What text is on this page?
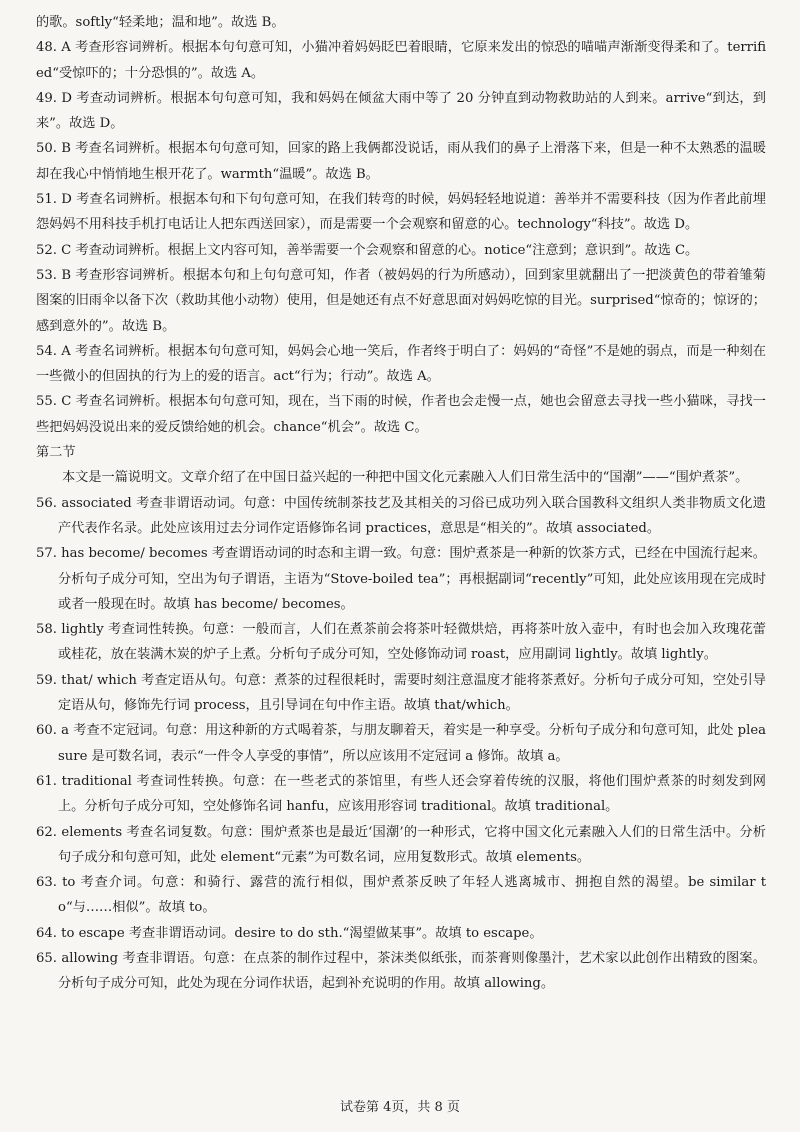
的歌。softly“轻柔地；温和地”。故选 B。

48. A 考查形容词辨析。根据本句句意可知，小猫冲着妈妈眨巴着眼睛，它原来发出的惊恐的喵喵声渐渐变得柔和了。terrified“受惊吓的；十分恐惧的”。故选 A。

49. D 考查动词辨析。根据本句句意可知，我和妈妈在倾盆大雨中等了 20 分钟直到动物救助站的人到来。arrive“到达，到来”。故选 D。

50. B 考查名词辨析。根据本句句意可知，回家的路上我俩都没说话，雨从我们的鼻子上滑落下来，但是一种不太熟悉的温暖却在我心中悄悄地生根开花了。warmth“温暖”。故选 B。

51. D 考查名词辨析。根据本句和下句句意可知，在我们转弯的时候，妈妈轻轻地说道：善举并不需要科技（因为作者此前埋怨妈妈不用科技手机打电话让人把东西送回家），而是需要一个会观察和留意的心。technology“科技”。故选 D。

52. C 考查动词辨析。根据上文内容可知，善举需要一个会观察和留意的心。notice“注意到；意识到”。故选 C。

53. B 考查形容词辨析。根据本句和上句句意可知，作者（被妈妈的行为所感动），回到家里就翻出了一把淡黄色的带着雏菊图案的旧雨伞以备下次（救助其他小动物）使用，但是她还有点不好意思面对妈妈吃惊的目光。surprised“惊奇的；惊讶的；感到意外的”。故选 B。

54. A 考查名词辨析。根据本句句意可知，妈妈会心地一笑后，作者终于明白了：妈妈的“奇怪”不是她的弱点，而是一种刻在一些微小的但固执的行为上的爱的语言。act“行为；行动”。故选 A。

55. C 考查名词辨析。根据本句句意可知，现在，当下雨的时候，作者也会走慢一点，她也会留意去寻找一些小猫咪，寻找一些把妈妈没说出来的爱反馈给她的机会。chance“机会”。故选 C。

第二节

本文是一篇说明文。文章介绍了在中国日益兴起的一种把中国文化元素融入人们日常生活中的“国潮”——“围炉煮茶”。

56. associated 考查非谓语动词。句意：中国传统制茶技艺及其相关的习俗已成功列入联合国教科文组织人类非物质文化遗产代表作名录。此处应该用过去分词作定语修饰名词 practices，意思是“相关的”。故填 associated。

57. has become/ becomes 考查谓语动词的时态和主谓一致。句意：围炉煮茶是一种新的饮茶方式，已经在中国流行起来。分析句子成分可知，空出为句子谓语，主语为“Stove-boiled tea”；再根据副词“recently”可知，此处应该用现在完成时或者一般现在时。故填 has become/ becomes。

58. lightly 考查词性转换。句意：一般而言，人们在煮茶前会将茶叶轻微烘焙，再将茶叶放入壶中，有时也会加入玫瑰花蕾或桂花，放在装满木炭的炉子上煮。分析句子成分可知，空处修饰动词 roast，应用副词 lightly。故填 lightly。

59. that/ which 考查定语从句。句意：煮茶的过程很耗时，需要时刻注意温度才能将茶煮好。分析句子成分可知，空处引导定语从句，修饰先行词 process，且引导词在句中作主语。故填 that/which。

60. a 考查不定冠词。句意：用这种新的方式喝着茶，与朋友聊着天，着实是一种享受。分析句子成分和句意可知，此处 pleasure 是可数名词，表示“一件令人享受的事情”，所以应该用不定冠词 a 修饰。故填 a。

61. traditional 考查词性转换。句意：在一些老式的茶馆里，有些人还会穿着传统的汉服，将他们围炉煮茶的时刻发到网上。分析句子成分可知，空处修饰名词 hanfu，应该用形容词 traditional。故填 traditional。

62. elements 考查名词复数。句意：围炉煮茶也是最近‘国潮’的一种形式，它将中国文化元素融入人们的日常生活中。分析句子成分和句意可知，此处 element“元素”为可数名词，应用复数形式。故填 elements。

63. to 考查介词。句意：和骑行、露营的流行相似，围炉煮茶反映了年轻人逃离城市、拥抱自然的渴望。be similar to“与……相似”。故填 to。

64. to escape 考查非谓语动词。desire to do sth.“渴望做某事”。故填 to escape。

65. allowing 考查非谓语。句意：在点茶的制作过程中，茶沫类似纸张，而茶膏则像墨汁，艺术家以此创作出精致的图案。分析句子成分可知，此处为现在分词作状语，起到补充说明的作用。故填 allowing。

试卷第 4页，共 8 页
